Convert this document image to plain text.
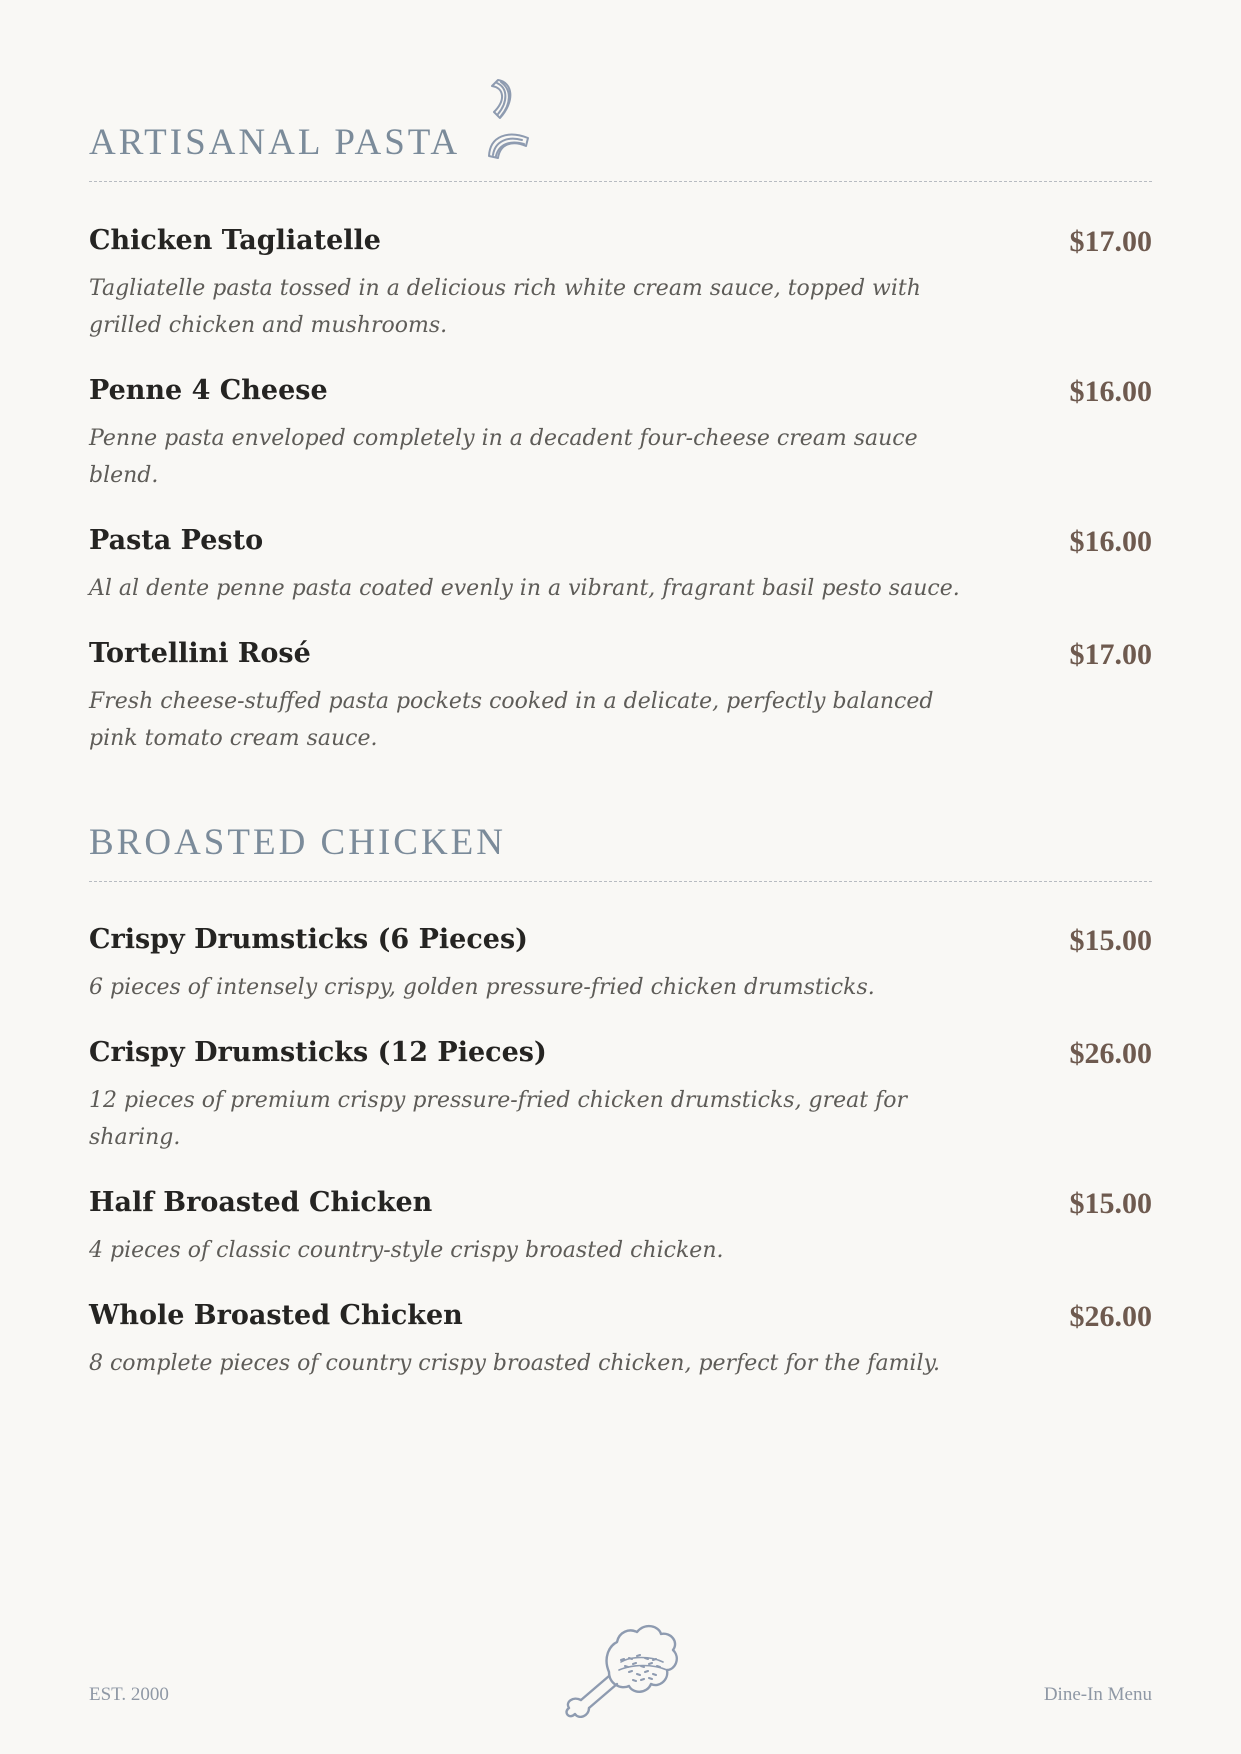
ARTISANAL PASTA
Chicken Tagliatelle	$17.00
Tagliatelle pasta tossed in a delicious rich white cream sauce, topped with grilled chicken and mushrooms.
Penne 4 Cheese	$16.00
Penne pasta enveloped completely in a decadent four-cheese cream sauce blend.
Pasta Pesto	$16.00
Al al dente penne pasta coated evenly in a vibrant, fragrant basil pesto sauce.
Tortellini Rosé	$17.00
Fresh cheese-stuffed pasta pockets cooked in a delicate, perfectly balanced pink tomato cream sauce.
BROASTED CHICKEN
Crispy Drumsticks (6 Pieces)	$15.00
6 pieces of intensely crispy, golden pressure-fried chicken drumsticks.
Crispy Drumsticks (12 Pieces)	$26.00
12 pieces of premium crispy pressure-fried chicken drumsticks, great for sharing.
Half Broasted Chicken	$15.00
4 pieces of classic country-style crispy broasted chicken.
Whole Broasted Chicken	$26.00
8 complete pieces of country crispy broasted chicken, perfect for the family.
EST. 2000	Dine-In Menu
